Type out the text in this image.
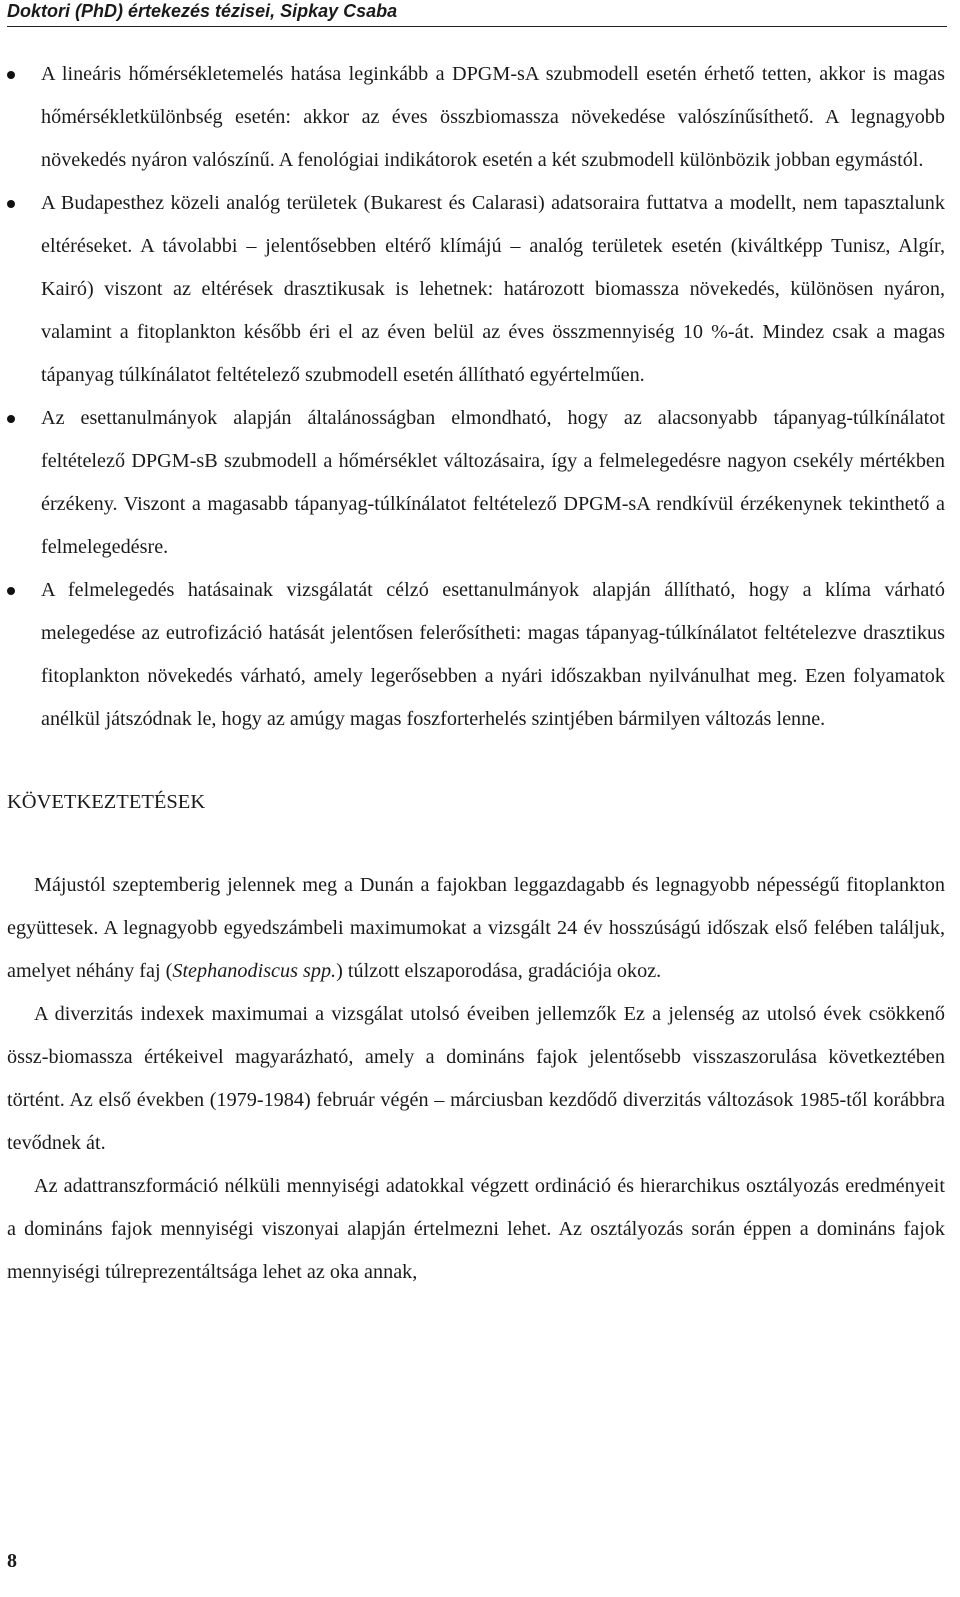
Doktori (PhD) értekezés tézisei, Sipkay Csaba
A lineáris hőmérsékletemelés hatása leginkább a DPGM-sA szubmodell esetén érhető tetten, akkor is magas hőmérsékletkülönbség esetén: akkor az éves összbiomassza növekedése valószínűsíthető. A legnagyobb növekedés nyáron valószínű. A fenológiai indikátorok esetén a két szubmodell különbözik jobban egymástól.
A Budapesthez közeli analóg területek (Bukarest és Calarasi) adatsoraira futtatva a modellt, nem tapasztalunk eltéréseket. A távolabbi – jelentősebben eltérő klímájú – analóg területek esetén (kiváltképp Tunisz, Algír, Kairó) viszont az eltérések drasztikusak is lehetnek: határozott biomassza növekedés, különösen nyáron, valamint a fitoplankton később éri el az éven belül az éves összmennyiség 10 %-át. Mindez csak a magas tápanyag túlkínálatot feltételező szubmodell esetén állítható egyértelműen.
Az esettanulmányok alapján általánosságban elmondható, hogy az alacsonyabb tápanyag-túlkínálatot feltételező DPGM-sB szubmodell a hőmérséklet változásaira, így a felmelegedésre nagyon csekély mértékben érzékeny. Viszont a magasabb tápanyag-túlkínálatot feltételező DPGM-sA rendkívül érzékenynek tekinthető a felmelegedésre.
A felmelegedés hatásainak vizsgálatát célzó esettanulmányok alapján állítható, hogy a klíma várható melegedése az eutrofizáció hatását jelentősen felerősítheti: magas tápanyag-túlkínálatot feltételezve drasztikus fitoplankton növekedés várható, amely legerősebben a nyári időszakban nyilvánulhat meg. Ezen folyamatok anélkül játszódnak le, hogy az amúgy magas foszforterhelés szintjében bármilyen változás lenne.
KÖVETKEZTETÉSEK

Májustól szeptemberig jelennek meg a Dunán a fajokban leggazdagabb és legnagyobb népességű fitoplankton együttesek. A legnagyobb egyedszámbeli maximumokat a vizsgált 24 év hosszúságú időszak első felében találjuk, amelyet néhány faj (Stephanodiscus spp.) túlzott elszaporodása, gradációja okoz.

A diverzitás indexek maximumai a vizsgálat utolsó éveiben jellemzők Ez a jelenség az utolsó évek csökkenő össz-biomassza értékeivel magyarázható, amely a domináns fajok jelentősebb visszaszorulása következtében történt. Az első években (1979-1984) február végén – márciusban kezdődő diverzitás változások 1985-től korábbra tevődnek át.

Az adattranszformáció nélküli mennyiségi adatokkal végzett ordináció és hierarchikus osztályozás eredményeit a domináns fajok mennyiségi viszonyai alapján értelmezni lehet. Az osztályozás során éppen a domináns fajok mennyiségi túlreprezentáltsága lehet az oka annak,

8
